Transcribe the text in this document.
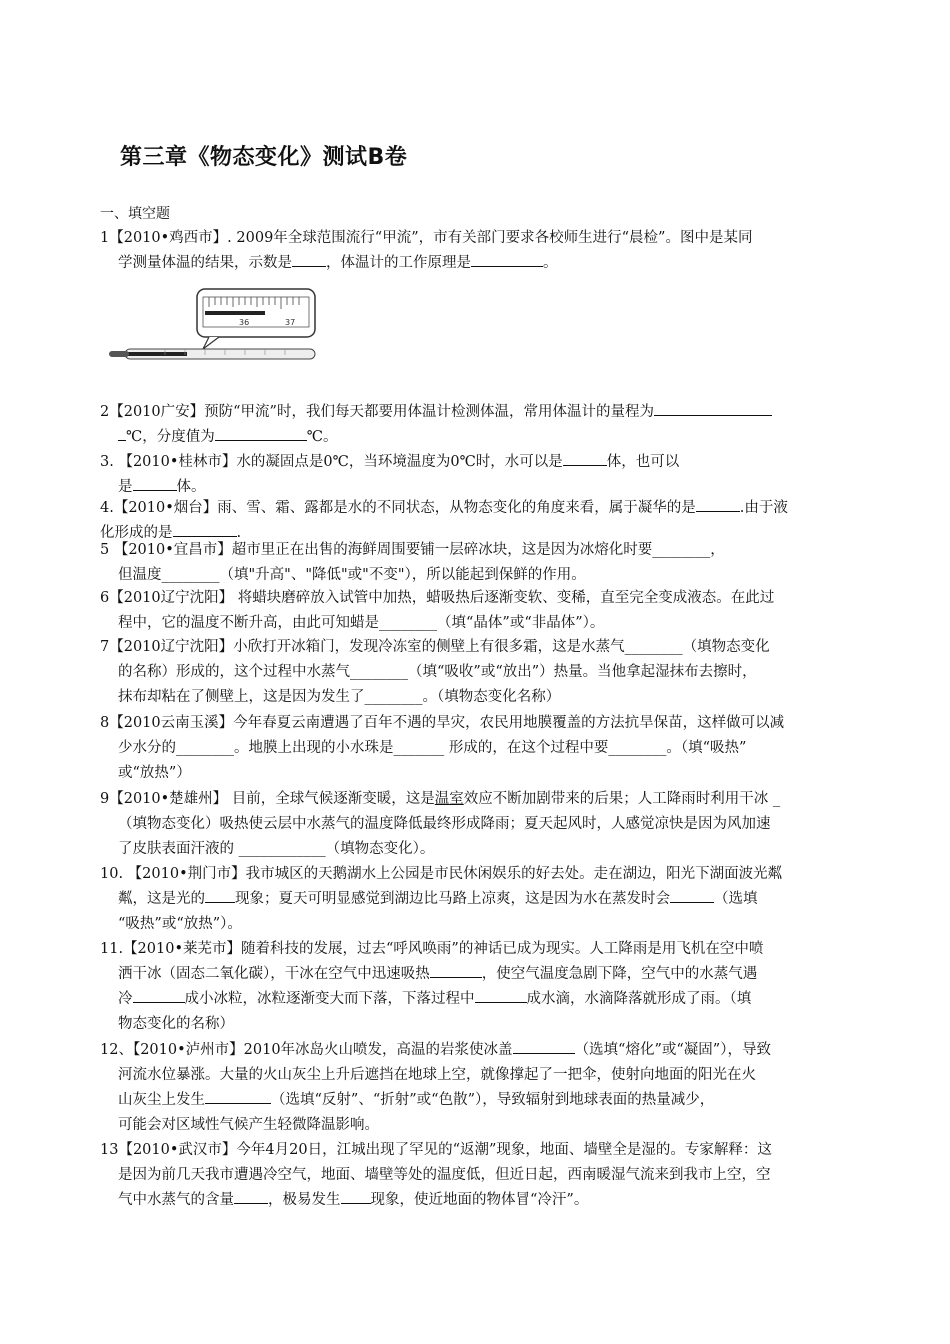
第三章《物态变化》测试B卷
一、填空题
1【2010•鸡西市】. 2009年全球范围流行“甲流”，市有关部门要求各校师生进行“晨检”。图中是某同
学测量体温的结果，示数是 ，体温计的工作原理是	。
36	37
2【2010广安】预防“甲流”时，我们每天都要用体温计检测体温，常用体温计的量程为
℃，分度值为	℃。
3. 【2010•桂林市】水的凝固点是0℃，当环境温度为0℃时，水可以是	体，也可以
是	体。
4.【2010•烟台】雨、雪、霜、露都是水的不同状态，从物态变化的角度来看，属于凝华的是	.由于液
化形成的是	.
5 【2010•宜昌市】超市里正在出售的海鲜周围要铺一层碎冰块，这是因为冰熔化时要________，
但温度________（填"升高"、"降低"或"不变"），所以能起到保鲜的作用。
6【2010辽宁沈阳】 将蜡块磨碎放入试管中加热，蜡吸热后逐渐变软、变稀，直至完全变成液态。在此过
程中，它的温度不断升高，由此可知蜡是________（填“晶体”或“非晶体”）。
7【2010辽宁沈阳】小欣打开冰箱门，发现冷冻室的侧壁上有很多霜，这是水蒸气________（填物态变化
的名称）形成的，这个过程中水蒸气________（填“吸收”或“放出”）热量。当他拿起湿抹布去擦时，
抹布却粘在了侧壁上，这是因为发生了________。（填物态变化名称）
8【2010云南玉溪】今年春夏云南遭遇了百年不遇的旱灾，农民用地膜覆盖的方法抗旱保苗，这样做可以减
少水分的________。地膜上出现的小水珠是_______ 形成的，在这个过程中要________。（填“吸热”
或“放热”）
9【2010•楚雄州】 目前，全球气候逐渐变暖，这是温室效应不断加剧带来的后果；人工降雨时利用干冰 _
（填物态变化）吸热使云层中水蒸气的温度降低最终形成降雨；夏天起风时，人感觉凉快是因为风加速
了皮肤表面汗液的 ____________（填物态变化）。
10. 【2010•荆门市】我市城区的天鹅湖水上公园是市民休闲娱乐的好去处。走在湖边，阳光下湖面波光粼
粼，这是光的 现象；夏天可明显感觉到湖边比马路上凉爽，这是因为水在蒸发时会	（选填
“吸热”或“放热”）。
11.【2010•莱芜市】随着科技的发展，过去“呼风唤雨”的神话已成为现实。人工降雨是用飞机在空中喷
洒干冰（固态二氧化碳），干冰在空气中迅速吸热	，使空气温度急剧下降，空气中的水蒸气遇
冷	成小冰粒，冰粒逐渐变大而下落，下落过程中	成水滴，水滴降落就形成了雨。（填
物态变化的名称）
12、【2010•泸州市】2010年冰岛火山喷发，高温的岩浆使冰盖	（选填“熔化”或“凝固”），导致
河流水位暴涨。大量的火山灰尘上升后遮挡在地球上空，就像撑起了一把伞，使射向地面的阳光在火
山灰尘上发生	（选填“反射”、“折射”或“色散”），导致辐射到地球表面的热量减少，
可能会对区域性气候产生轻微降温影响。
13【2010•武汉市】今年4月20日，江城出现了罕见的“返潮”现象，地面、墙壁全是湿的。专家解释：这
是因为前几天我市遭遇冷空气，地面、墙壁等处的温度低，但近日起，西南暖湿气流来到我市上空，空
气中水蒸气的含量 ，极易发生 现象，使近地面的物体冒“冷汗”。
